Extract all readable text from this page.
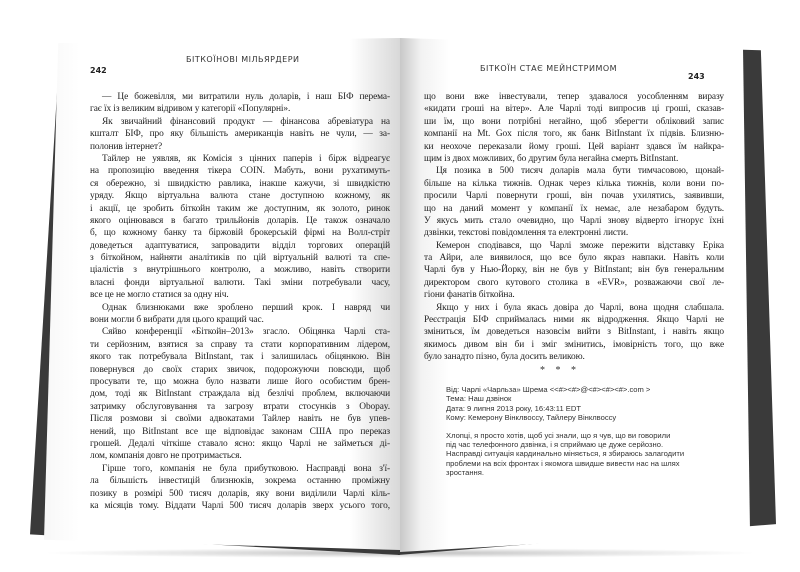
242
БІТКОЇНОВІ МІЛЬЯРДЕРИ
— Це божевілля, ми витратили нуль доларів, і наш БІФ перема-
гає їх із великим відривом у категорії «Популярні».
Як звичайний фінансовий продукт — фінансова абревіатура на
кшталт БІФ, про яку більшість американців навіть не чули, — за-
полонив інтернет?
Тайлер не уявляв, як Комісія з цінних паперів і бірж відреагує
на пропозицію введення тікера COIN. Мабуть, вони рухатимуть-
ся обережно, зі швидкістю равлика, інакше кажучи, зі швидкістю
уряду. Якщо віртуальна валюта стане доступною кожному, як
і акції, це зробить біткойн таким же доступним, як золото, ринок
якого оцінювався в багато трильйонів доларів. Це також означало
б, що кожному банку та біржовій брокерській фірмі на Волл-стріт
доведеться адаптуватися, запровадити відділ торгових операцій
з біткойном, найняти аналітиків по цій віртуальній валюті та спе-
ціалістів з внутрішнього контролю, а можливо, навіть створити
власні фонди віртуальної валюти. Такі зміни потребували часу,
все це не могло статися за одну ніч.
Однак близнюками вже зроблено перший крок. І навряд чи
вони могли б вибрати для цього кращий час.
Сяйво конференції «Біткойн–2013» згасло. Обіцянка Чарлі ста-
ти серйозним, взятися за справу та стати корпоративним лідером,
якого так потребувала BitInstant, так і залишилась обіцянкою. Він
повернувся до своїх старих звичок, подорожуючи повсюди, щоб
просувати те, що можна було назвати лише його особистим брен-
дом, тоді як BitInstant страждала від безлічі проблем, включаючи
затримку обслуговування та загрозу втрати стосунків з Obopay.
Після розмови зі своїми адвокатами Тайлер навіть не був упев-
нений, що BitInstant все ще відповідає законам США про переказ
грошей. Дедалі чіткіше ставало ясно: якщо Чарлі не займеться ді-
лом, компанія довго не протримається.
Гірше того, компанія не була прибутковою. Насправді вона з'ї-
ла більшість інвестицій близнюків, зокрема останню проміжну
позику в розмірі 500 тисяч доларів, яку вони виділили Чарлі кіль-
ка місяців тому. Віддати Чарлі 500 тисяч доларів зверх усього того,
БІТКОЇН СТАЄ МЕЙНСТРИМОМ
243
що вони вже інвестували, тепер здавалося уособленням виразу
«кидати гроші на вітер». Але Чарлі тоді випросив ці гроші, сказав-
ши їм, що вони потрібні негайно, щоб зберегти обліковий запис
компанії на Mt. Gox після того, як банк BitInstant їх підвів. Близню-
ки неохоче переказали йому гроші. Цей варіант здався їм найкра-
щим із двох можливих, бо другим була негайна смерть BitInstant.
Ця позика в 500 тисяч доларів мала бути тимчасовою, щонай-
більше на кілька тижнів. Однак через кілька тижнів, коли вони по-
просили Чарлі повернути гроші, він почав ухилятись, заявивши,
що на даний момент у компанії їх немає, але незабаром будуть.
У якусь мить стало очевидно, що Чарлі знову відверто ігнорує їхні
дзвінки, текстові повідомлення та електронні листи.
Кемерон сподівався, що Чарлі зможе пережити відставку Еріка
та Айри, але виявилося, що все було якраз навпаки. Навіть коли
Чарлі був у Нью-Йорку, він не був у BitInstant; він був генеральним
директором свого кутового столика в «EVR», розважаючи свої ле-
гіони фанатів біткойна.
Якщо у них і була якась довіра до Чарлі, вона щодня слабшала.
Реєстрація БІФ сприймалась ними як відродження. Якщо Чарлі не
зміниться, їм доведеться назовсім вийти з BitInstant, і навіть якщо
якимось дивом він би і зміг змінитись, імовірність того, що вже
було занадто пізно, була досить великою.
* * *
Від: Чарлі «Чарльза» Шрема <<#><#>@<#><#><#>.com >
Тема: Наш дзвінок
Дата: 9 липня 2013 року, 16:43:11 EDT
Кому: Кемерону Вінклвоссу, Тайлеру Вінклвоссу
Хлопці, я просто хотів, щоб усі знали, що я чув, що ви говорили
під час телефонного дзвінка, і я сприймаю це дуже серйозно.
Насправді ситуація кардинально міняється, я збираюсь залагодити
проблеми на всіх фронтах і якомога швидше вивести нас на шлях
зростання.
